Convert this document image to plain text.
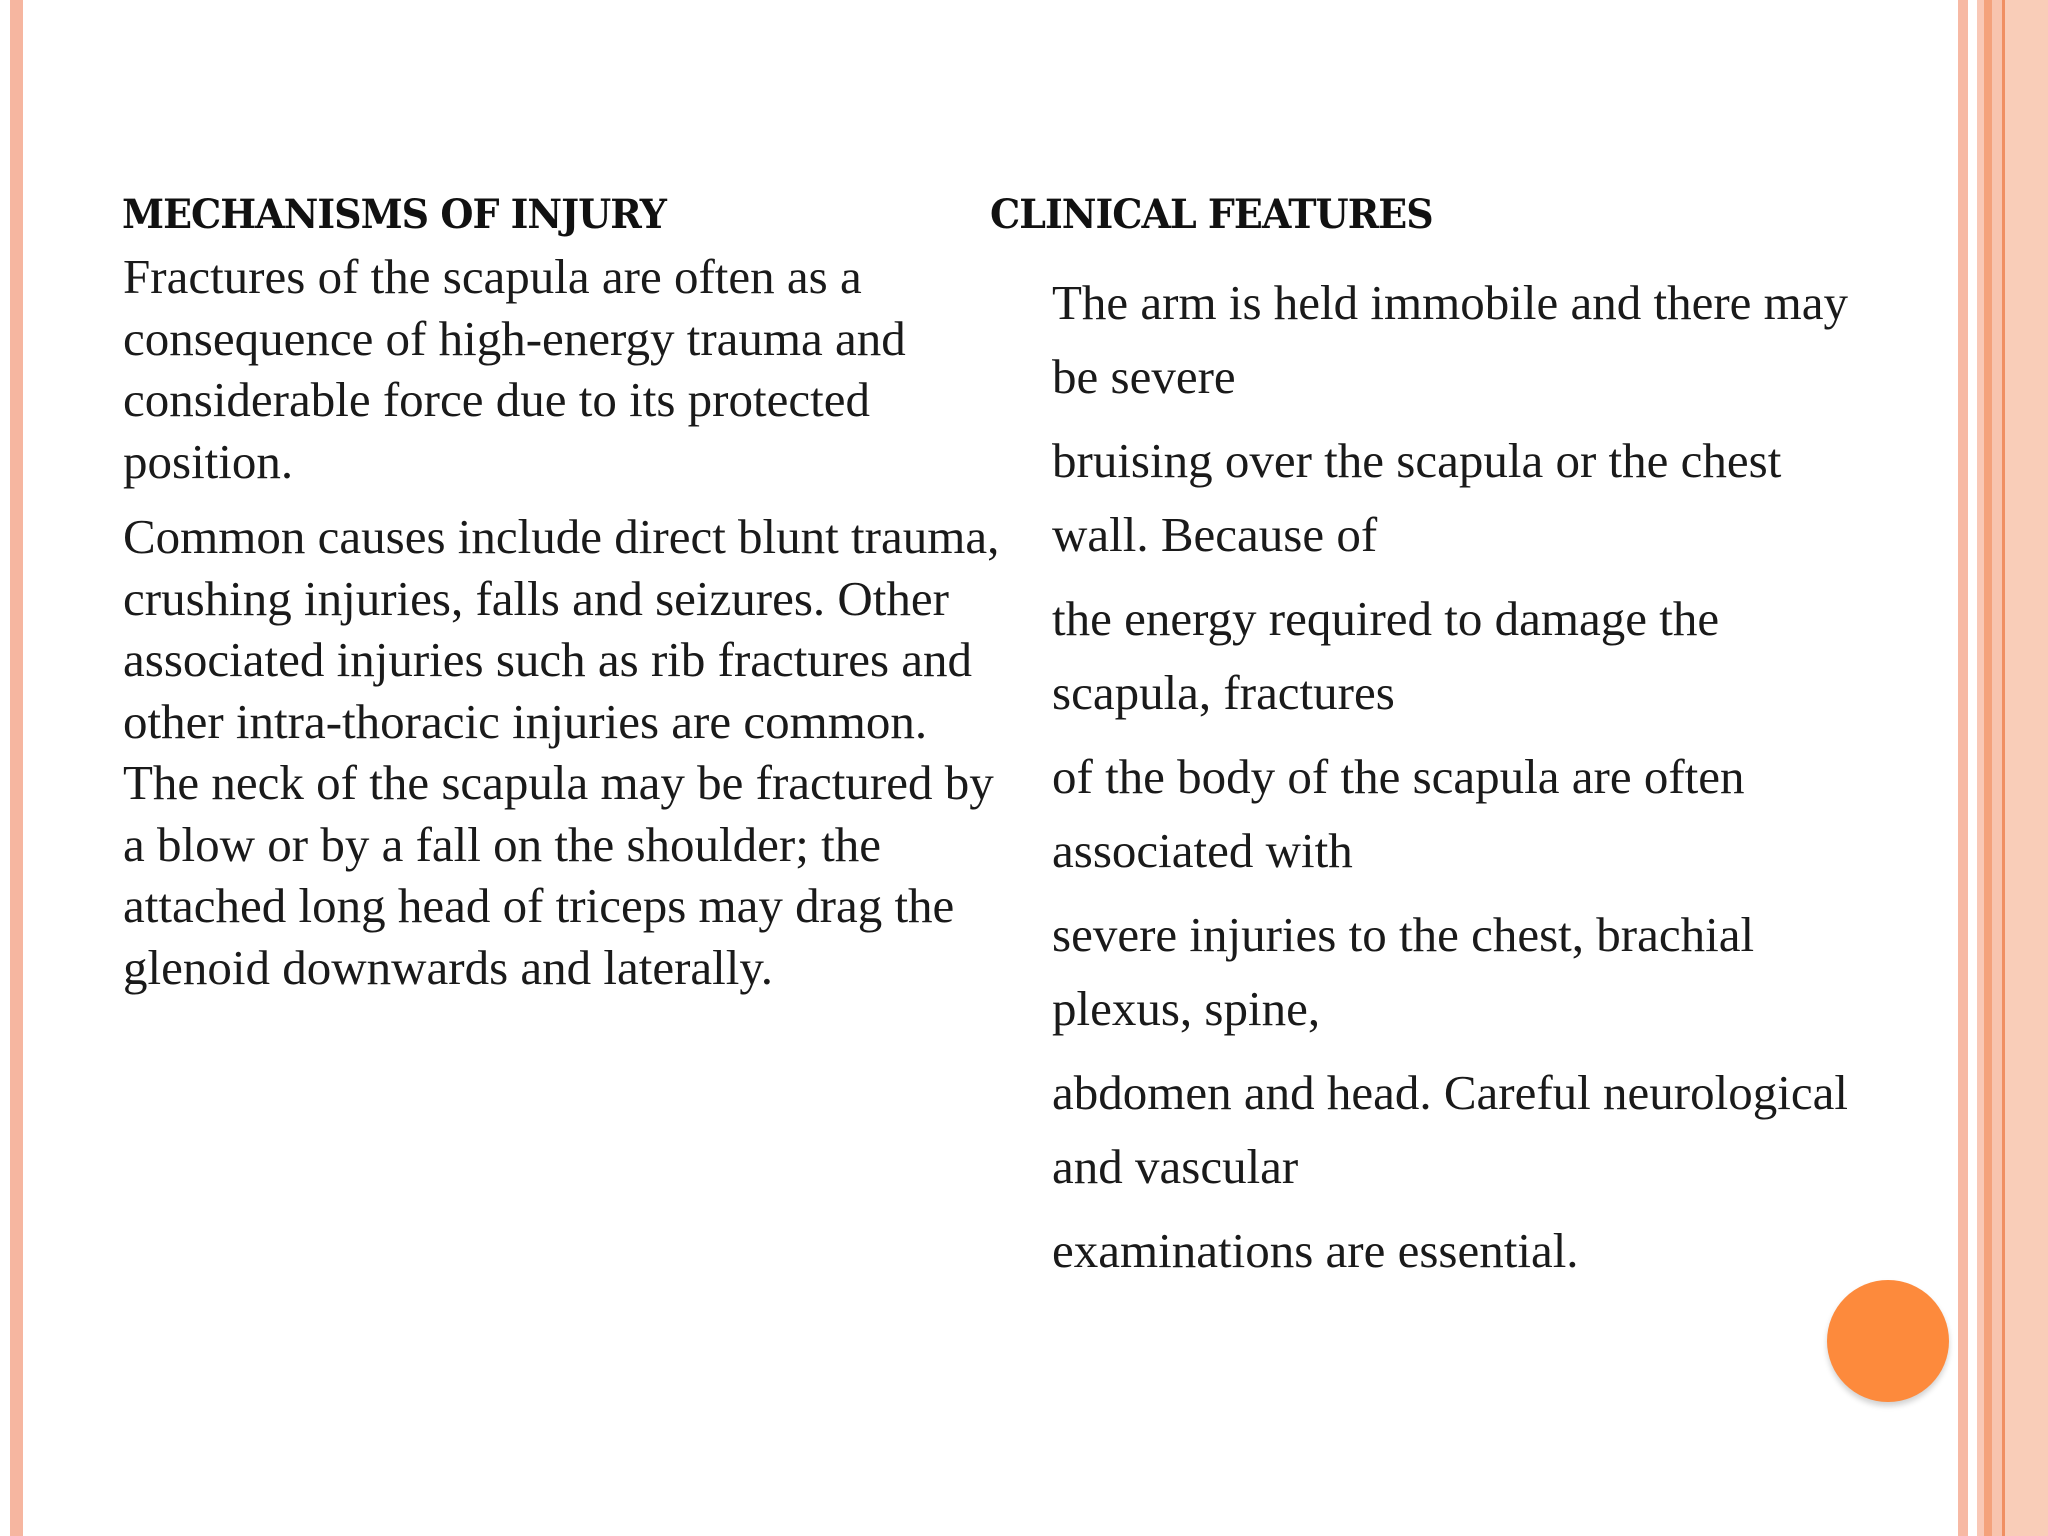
MECHANISMS OF INJURY	CLINICAL FEATURES

Fractures of the scapula are often as a consequence of high-energy trauma and considerable force due to its protected position.

Common causes include direct blunt trauma, crushing injuries, falls and seizures. Other associated injuries such as rib fractures and other intra-thoracic injuries are common. The neck of the scapula may be fractured by a blow or by a fall on the shoulder; the attached long head of triceps may drag the glenoid downwards and laterally.

The arm is held immobile and there may be severe

bruising over the scapula or the chest wall. Because of

the energy required to damage the scapula, fractures

of the body of the scapula are often associated with

severe injuries to the chest, brachial plexus, spine,

abdomen and head. Careful neurological and vascular

examinations are essential.
